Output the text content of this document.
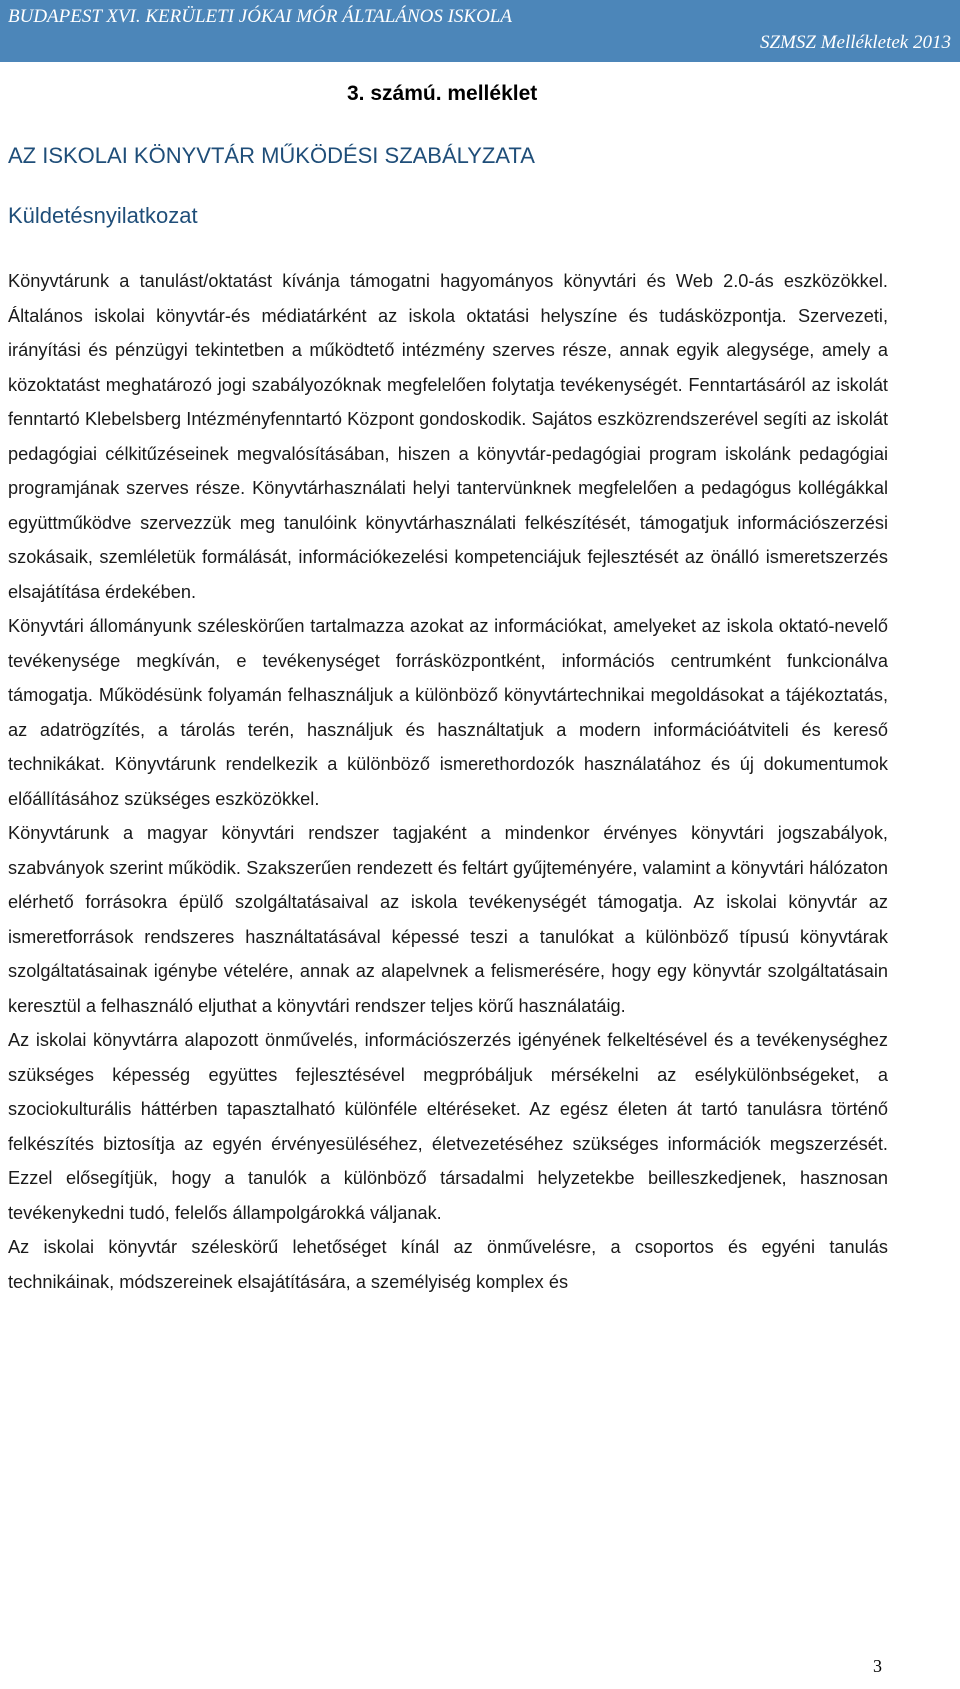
BUDAPEST XVI. KERÜLETI JÓKAI MÓR ÁLTALÁNOS ISKOLA
SZMSZ Mellékletek 2013
3. számú. melléklet
AZ ISKOLAI KÖNYVTÁR MŰKÖDÉSI SZABÁLYZATA
Küldetésnyilatkozat

Könyvtárunk a tanulást/oktatást kívánja támogatni hagyományos könyvtári és Web 2.0-ás eszközökkel. Általános iskolai könyvtár-és médiatárként az iskola oktatási helyszíne és tudásközpontja. Szervezeti, irányítási és pénzügyi tekintetben a működtető intézmény szerves része, annak egyik alegysége, amely a közoktatást meghatározó jogi szabályozóknak megfelelően folytatja tevékenységét. Fenntartásáról az iskolát fenntartó Klebelsberg Intézményfenntartó Központ gondoskodik. Sajátos eszközrendszerével segíti az iskolát pedagógiai célkitűzéseinek megvalósításában, hiszen a könyvtár-pedagógiai program iskolánk pedagógiai programjának szerves része. Könyvtárhasználati helyi tantervünknek megfelelően a pedagógus kollégákkal együttműködve szervezzük meg tanulóink könyvtárhasználati felkészítését, támogatjuk információszerzési szokásaik, szemléletük formálását, információkezelési kompetenciájuk fejlesztését az önálló ismeretszerzés elsajátítása érdekében.

Könyvtári állományunk széleskörűen tartalmazza azokat az információkat, amelyeket az iskola oktató-nevelő tevékenysége megkíván, e tevékenységet forrásközpontként, információs centrumként funkcionálva támogatja. Működésünk folyamán felhasználjuk a különböző könyvtártechnikai megoldásokat a tájékoztatás, az adatrögzítés, a tárolás terén, használjuk és használtatjuk a modern információátviteli és kereső technikákat. Könyvtárunk rendelkezik a különböző ismerethordozók használatához és új dokumentumok előállításához szükséges eszközökkel.

Könyvtárunk a magyar könyvtári rendszer tagjaként a mindenkor érvényes könyvtári jogszabályok, szabványok szerint működik. Szakszerűen rendezett és feltárt gyűjteményére, valamint a könyvtári hálózaton elérhető forrásokra épülő szolgáltatásaival az iskola tevékenységét támogatja. Az iskolai könyvtár az ismeretforrások rendszeres használtatásával képessé teszi a tanulókat a különböző típusú könyvtárak szolgáltatásainak igénybe vételére, annak az alapelvnek a felismerésére, hogy egy könyvtár szolgáltatásain keresztül a felhasználó eljuthat a könyvtári rendszer teljes körű használatáig.

Az iskolai könyvtárra alapozott önművelés, információszerzés igényének felkeltésével és a tevékenységhez szükséges képesség együttes fejlesztésével megpróbáljuk mérsékelni az esélykülönbségeket, a szociokulturális háttérben tapasztalható különféle eltéréseket. Az egész életen át tartó tanulásra történő felkészítés biztosítja az egyén érvényesüléséhez, életvezetéséhez szükséges információk megszerzését. Ezzel elősegítjük, hogy a tanulók a különböző társadalmi helyzetekbe beilleszkedjenek, hasznosan tevékenykedni tudó, felelős állampolgárokká váljanak.

Az iskolai könyvtár széleskörű lehetőséget kínál az önművelésre, a csoportos és egyéni tanulás technikáinak, módszereinek elsajátítására, a személyiség komplex és

3
